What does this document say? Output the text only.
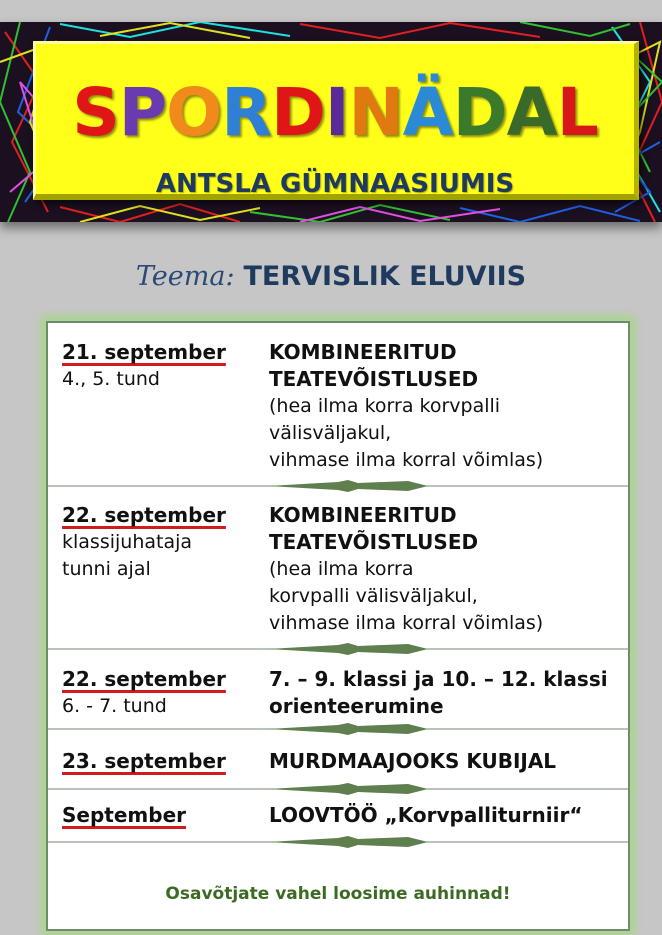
SPORDINÄDAL
ANTSLA GÜMNAASIUMIS
Teema: TERVISLIK ELUVIIS
21. september
4., 5. tund
KOMBINEERITUD
TEATEVÕISTLUSED
(hea ilma korra korvpalli
välisväljakul,
vihmase ilma korral võimlas)
22. september
klassijuhataja
tunni ajal
KOMBINEERITUD
TEATEVÕISTLUSED
(hea ilma korra
korvpalli välisväljakul,
vihmase ilma korral võimlas)
22. september
6. - 7. tund
7. – 9. klassi ja 10. – 12. klassi
orienteerumine
23. september MURDMAAJOOKS KUBIJAL
September	LOOVTÖÖ „Korvpalliturniir“
Osavõtjate vahel loosime auhinnad!
